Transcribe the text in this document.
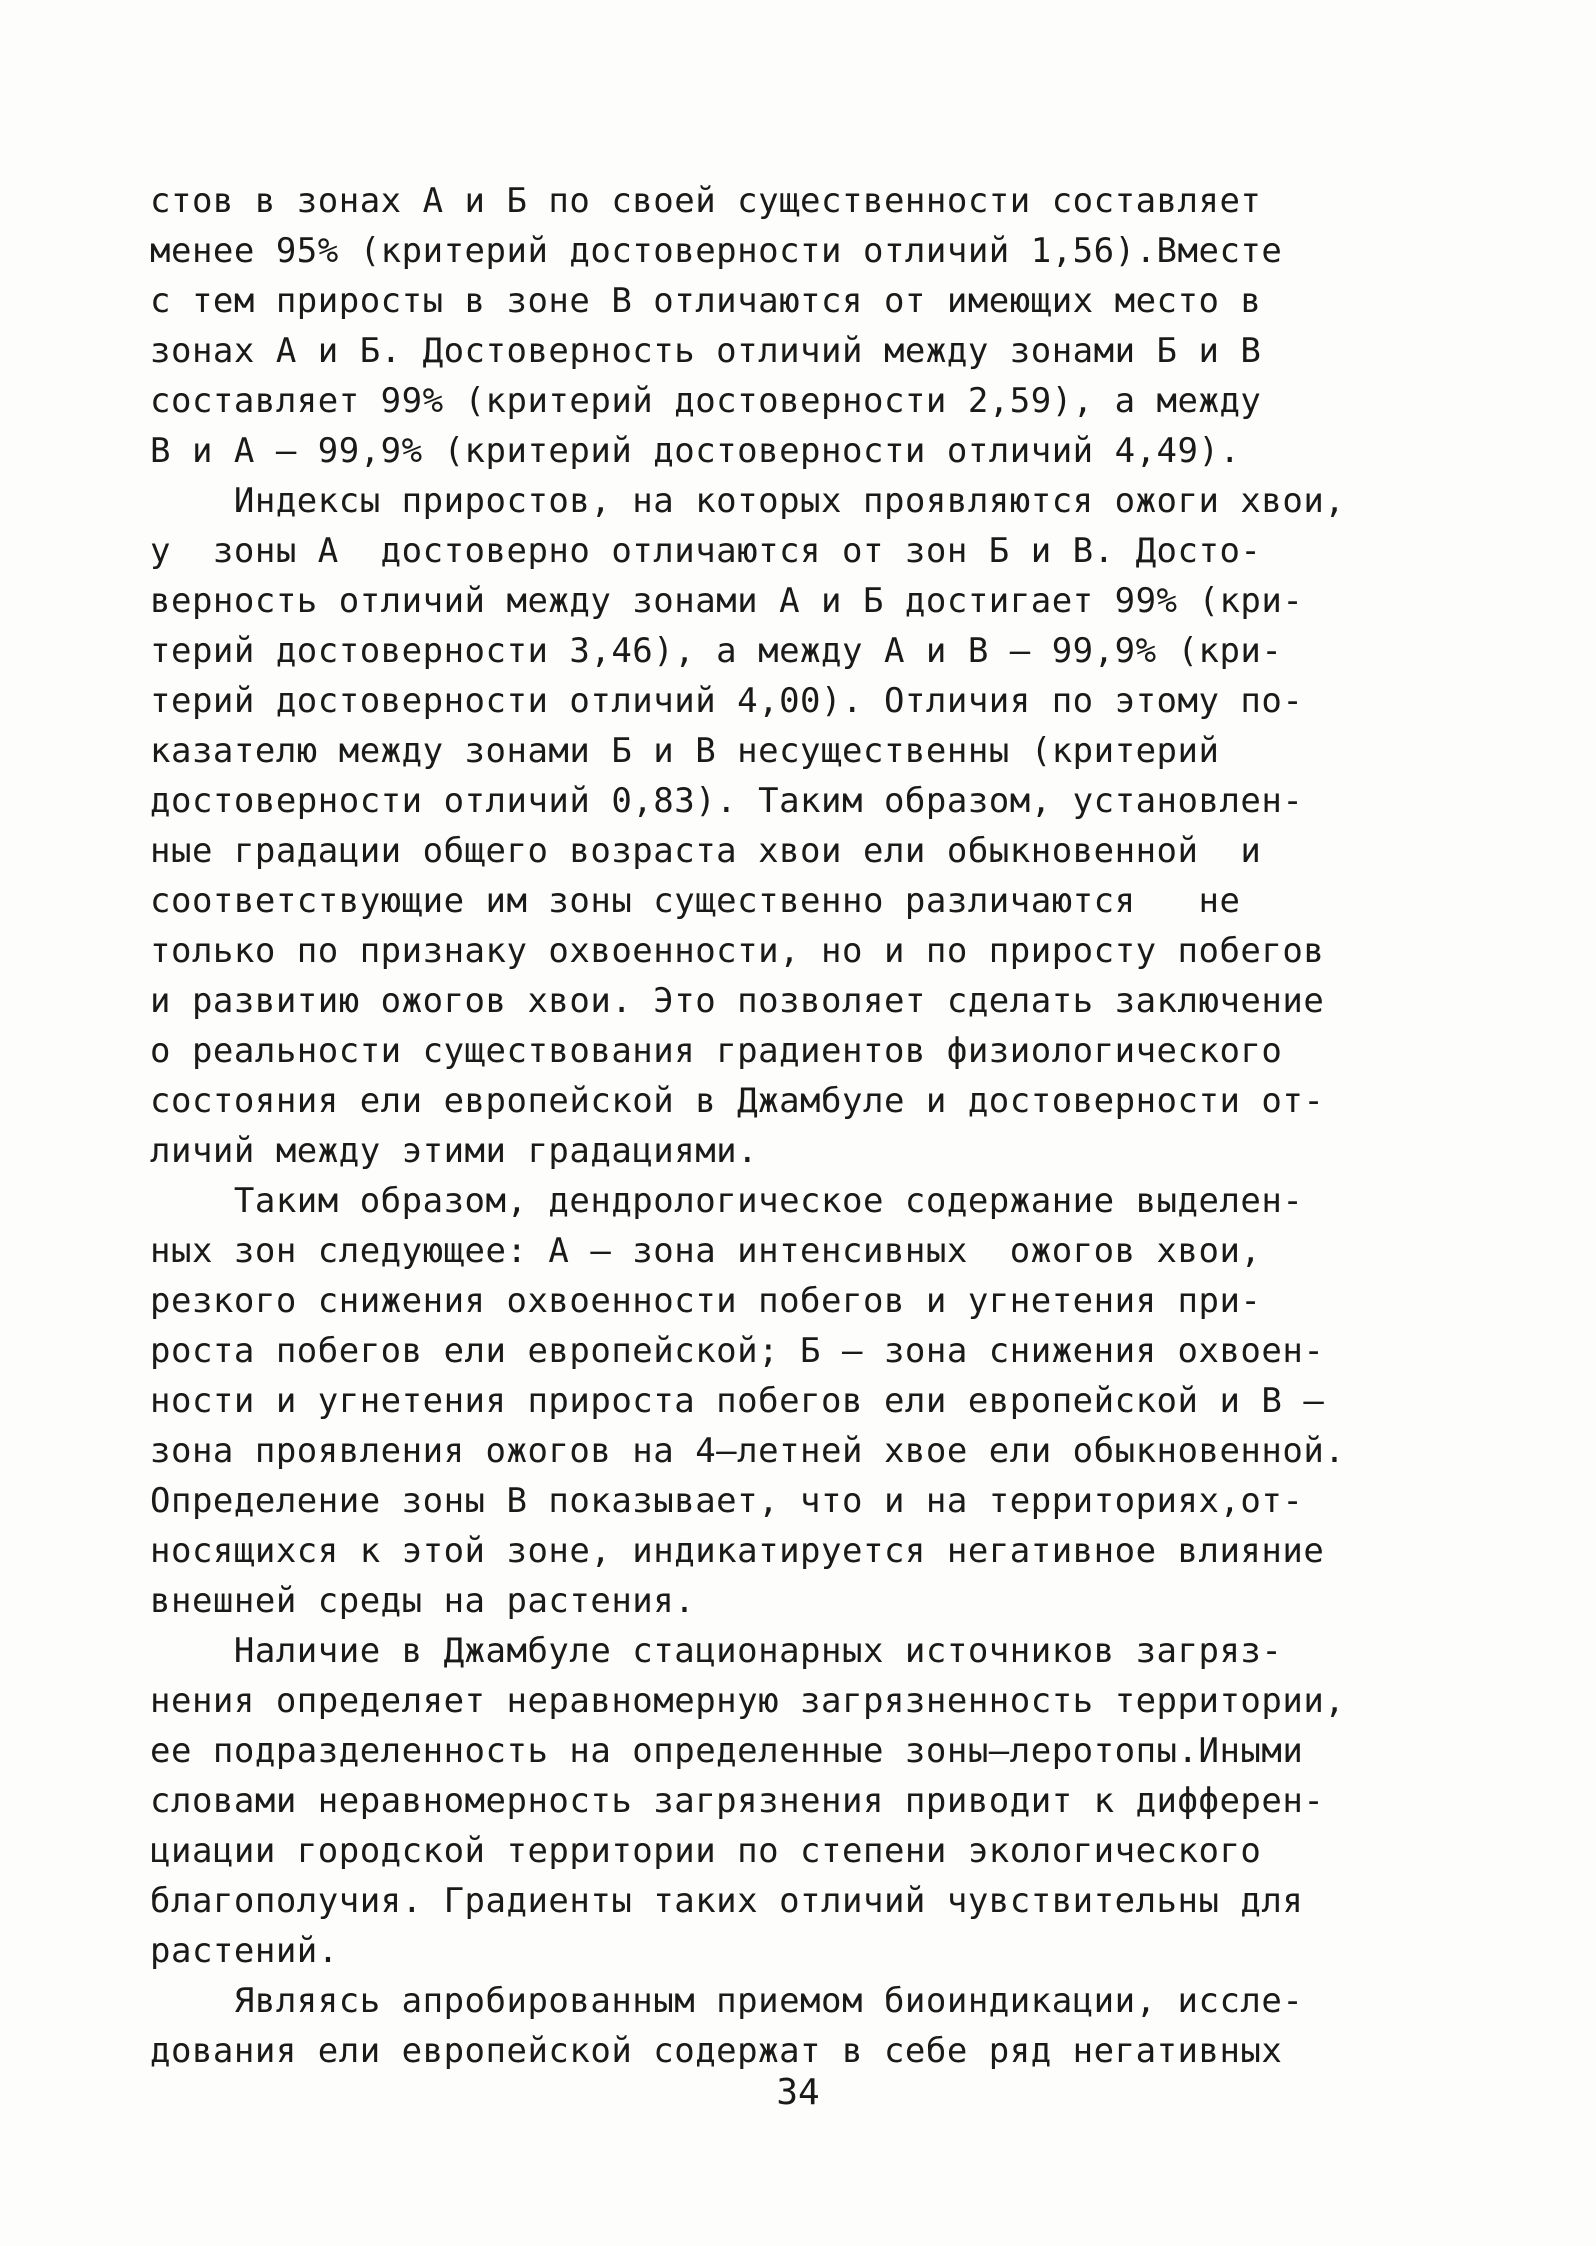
стов в зонах А и Б по своей существенности составляет
менее 95% (критерий достоверности отличий 1,56).Вместе
с тем приросты в зоне В отличаются от имеющих место в
зонах А и Б. Достоверность отличий между зонами Б и В
составляет 99% (критерий достоверности 2,59), а между
В и А – 99,9% (критерий достоверности отличий 4,49).
Индексы приростов, на которых проявляются ожоги хвои,
у  зоны А  достоверно отличаются от зон Б и В. Досто-
верность отличий между зонами А и Б достигает 99% (кри-
терий достоверности 3,46), а между А и В – 99,9% (кри-
терий достоверности отличий 4,00). Отличия по этому по-
казателю между зонами Б и В несущественны (критерий
достоверности отличий 0,83). Таким образом, установлен-
ные градации общего возраста хвои ели обыкновенной  и
соответствующие им зоны существенно различаются   не
только по признаку охвоенности, но и по приросту побегов
и развитию ожогов хвои. Это позволяет сделать заключение
о реальности существования градиентов физиологического
состояния ели европейской в Джамбуле и достоверности от-
личий между этими градациями.
Таким образом, дендрологическое содержание выделен-
ных зон следующее: А – зона интенсивных  ожогов хвои,
резкого снижения охвоенности побегов и угнетения при-
роста побегов ели европейской; Б – зона снижения охвоен-
ности и угнетения прироста побегов ели европейской и В –
зона проявления ожогов на 4–летней хвое ели обыкновенной.
Определение зоны В показывает, что и на территориях,от-
носящихся к этой зоне, индикатируется негативное влияние
внешней среды на растения.
Наличие в Джамбуле стационарных источников загряз-
нения определяет неравномерную загрязненность территории,
ее подразделенность на определенные зоны–леротопы.Иными
словами неравномерность загрязнения приводит к дифферен-
циации городской территории по степени экологического
благополучия. Градиенты таких отличий чувствительны для
растений.
Являясь апробированным приемом биоиндикации, иссле-
дования ели европейской содержат в себе ряд негативных
34
